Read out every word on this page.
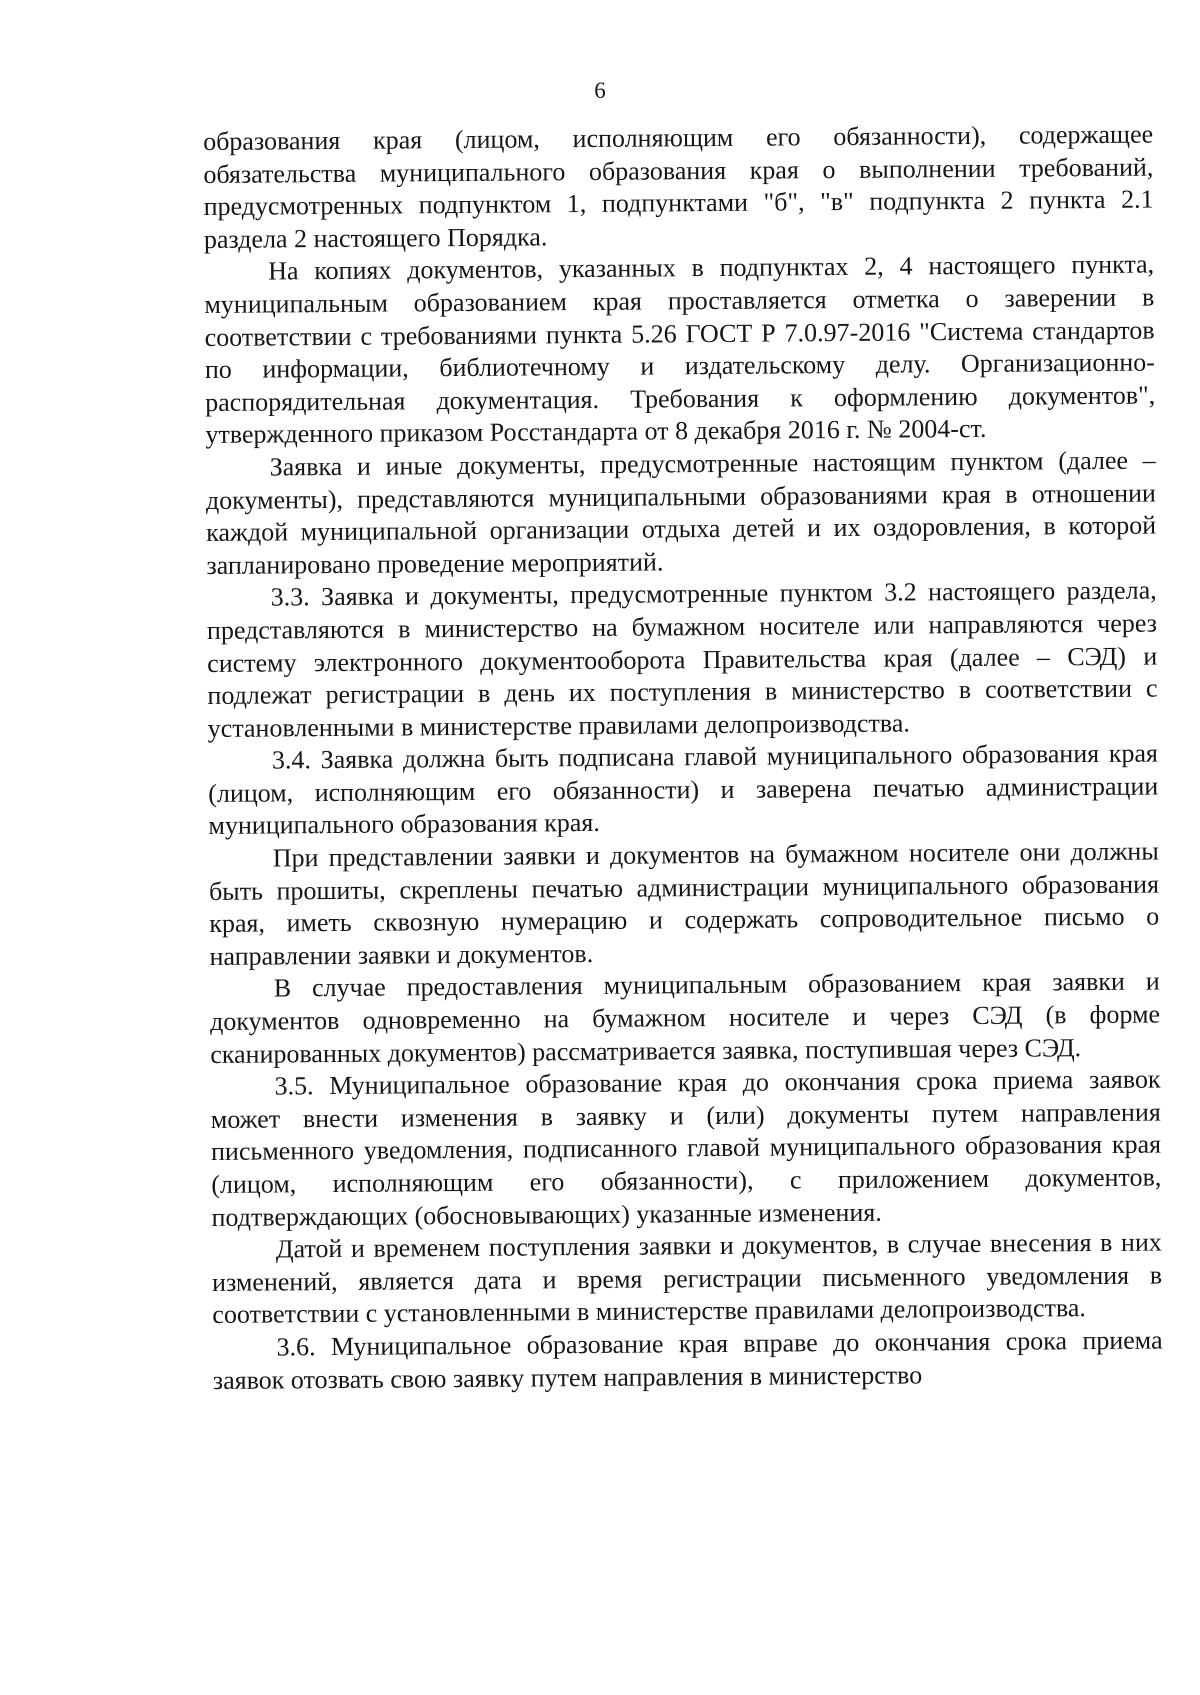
6

образования края (лицом, исполняющим его обязанности), содержащее обязательства муниципального образования края о выполнении требований, предусмотренных подпунктом 1, подпунктами "б", "в" подпункта 2 пункта 2.1 раздела 2 настоящего Порядка.

На копиях документов, указанных в подпунктах 2, 4 настоящего пункта, муниципальным образованием края проставляется отметка о заверении в соответствии с требованиями пункта 5.26 ГОСТ Р 7.0.97-2016 "Система стандартов по информации, библиотечному и издательскому делу. Организационно-распорядительная документация. Требования к оформлению документов", утвержденного приказом Росстандарта от 8 декабря 2016 г. № 2004-ст.

Заявка и иные документы, предусмотренные настоящим пунктом (далее – документы), представляются муниципальными образованиями края в отношении каждой муниципальной организации отдыха детей и их оздоровления, в которой запланировано проведение мероприятий.

3.3. Заявка и документы, предусмотренные пунктом 3.2 настоящего раздела, представляются в министерство на бумажном носителе или направляются через систему электронного документооборота Правительства края (далее – СЭД) и подлежат регистрации в день их поступления в министерство в соответствии с установленными в министерстве правилами делопроизводства.

3.4. Заявка должна быть подписана главой муниципального образования края (лицом, исполняющим его обязанности) и заверена печатью администрации муниципального образования края.

При представлении заявки и документов на бумажном носителе они должны быть прошиты, скреплены печатью администрации муниципального образования края, иметь сквозную нумерацию и содержать сопроводительное письмо о направлении заявки и документов.

В случае предоставления муниципальным образованием края заявки и документов одновременно на бумажном носителе и через СЭД (в форме сканированных документов) рассматривается заявка, поступившая через СЭД.

3.5. Муниципальное образование края до окончания срока приема заявок может внести изменения в заявку и (или) документы путем направления письменного уведомления, подписанного главой муниципального образования края (лицом, исполняющим его обязанности), с приложением документов, подтверждающих (обосновывающих) указанные изменения.

Датой и временем поступления заявки и документов, в случае внесения в них изменений, является дата и время регистрации письменного уведомления в соответствии с установленными в министерстве правилами делопроизводства.

3.6. Муниципальное образование края вправе до окончания срока приема заявок отозвать свою заявку путем направления в министерство
